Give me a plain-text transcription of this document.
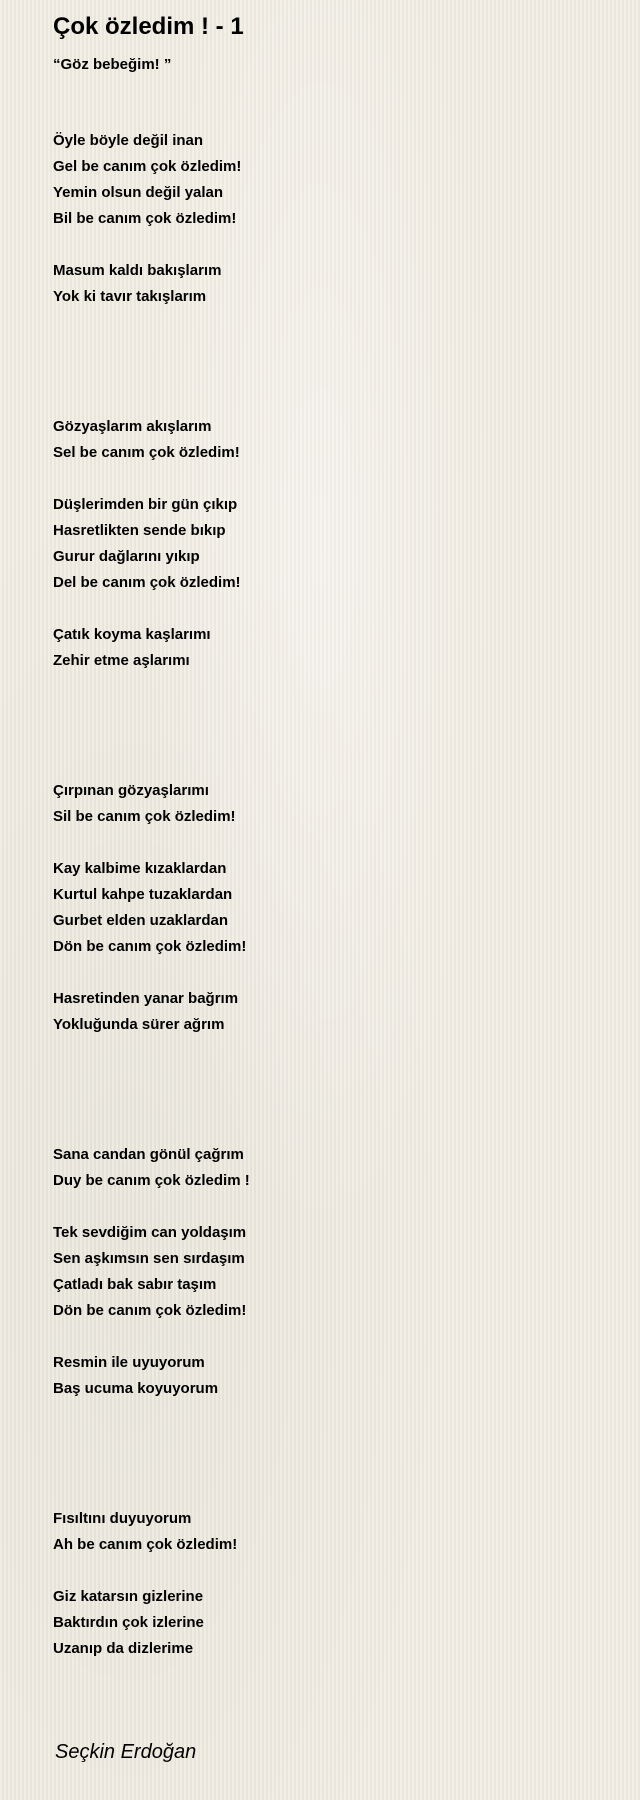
Çok özledim ! - 1
“Göz bebeğim! ”
Öyle böyle değil inan
Gel be canım çok özledim!
Yemin olsun değil yalan
Bil be canım çok özledim!
Masum kaldı bakışlarım
Yok ki tavır takışlarım
Gözyaşlarım akışlarım
Sel be canım çok özledim!
Düşlerimden bir gün çıkıp
Hasretlikten sende bıkıp
Gurur dağlarını yıkıp
Del be canım çok özledim!
Çatık koyma kaşlarımı
Zehir etme aşlarımı
Çırpınan gözyaşlarımı
Sil be canım çok özledim!
Kay kalbime kızaklardan
Kurtul kahpe tuzaklardan
Gurbet elden uzaklardan
Dön be canım çok özledim!
Hasretinden yanar bağrım
Yokluğunda sürer ağrım
Sana candan gönül çağrım
Duy be canım çok özledim !
Tek sevdiğim can yoldaşım
Sen aşkımsın sen sırdaşım
Çatladı bak sabır taşım
Dön be canım çok özledim!
Resmin ile uyuyorum
Baş ucuma koyuyorum
Fısıltını duyuyorum
Ah be canım çok özledim!
Giz katarsın gizlerine
Baktırdın çok izlerine
Uzanıp da dizlerime
Seçkin Erdoğan
